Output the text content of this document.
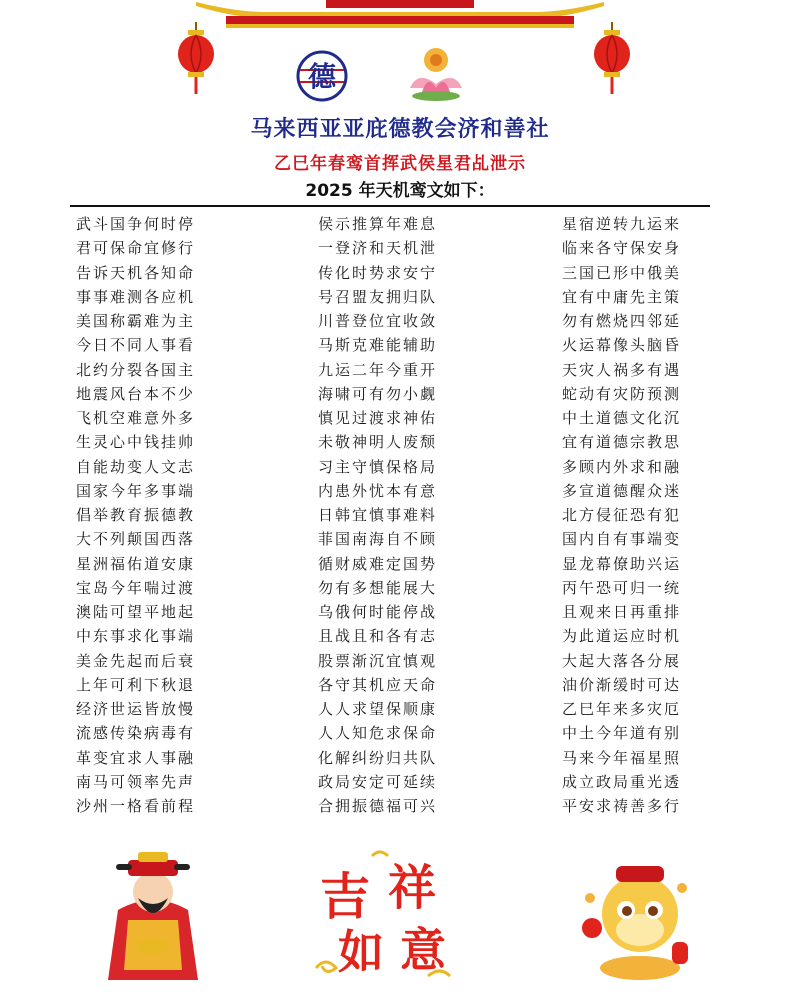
德
马来西亚亚庇德教会济和善社
乙巳年春鸾首挥武侯星君乩泄示
2025 年天机鸾文如下：
武斗国争何时停
君可保命宜修行
告诉天机各知命
事事难测各应机
美国称霸难为主
今日不同人事看
北约分裂各国主
地震风台本不少
飞机空难意外多
生灵心中钱挂帅
自能劫变人文志
国家今年多事端
倡举教育振德教
大不列颠国西落
星洲福佑道安康
宝岛今年喘过渡
澳陆可望平地起
中东事求化事端
美金先起而后衰
上年可利下秋退
经济世运皆放慢
流感传染病毒有
革变宜求人事融
南马可领率先声
沙州一格看前程
侯示推算年难息
一登济和天机泄
传化时势求安宁
号召盟友拥归队
川普登位宜收敛
马斯克难能辅助
九运二年今重开
海啸可有勿小觑
慎见过渡求神佑
未敬神明人废颓
习主守慎保格局
内患外忧本有意
日韩宜慎事难料
菲国南海自不顾
循财威难定国势
勿有多想能展大
乌俄何时能停战
且战且和各有志
股票渐沉宜慎观
各守其机应天命
人人求望保顺康
人人知危求保命
化解纠纷归共队
政局安定可延续
合拥振德福可兴
星宿逆转九运来
临来各守保安身
三国已形中俄美
宜有中庸先主策
勿有燃烧四邻延
火运幕像头脑昏
天灾人祸多有遇
蛇动有灾防预测
中土道德文化沉
宜有道德宗教思
多顾内外求和融
多宣道德醒众迷
北方侵征恐有犯
国内自有事端变
显龙幕僚助兴运
丙午恐可归一统
且观来日再重排
为此道运应时机
大起大落各分展
油价渐缓时可达
乙巳年来多灾厄
中土今年道有别
马来今年福星照
成立政局重光透
平安求祷善多行
吉 祥
如 意
